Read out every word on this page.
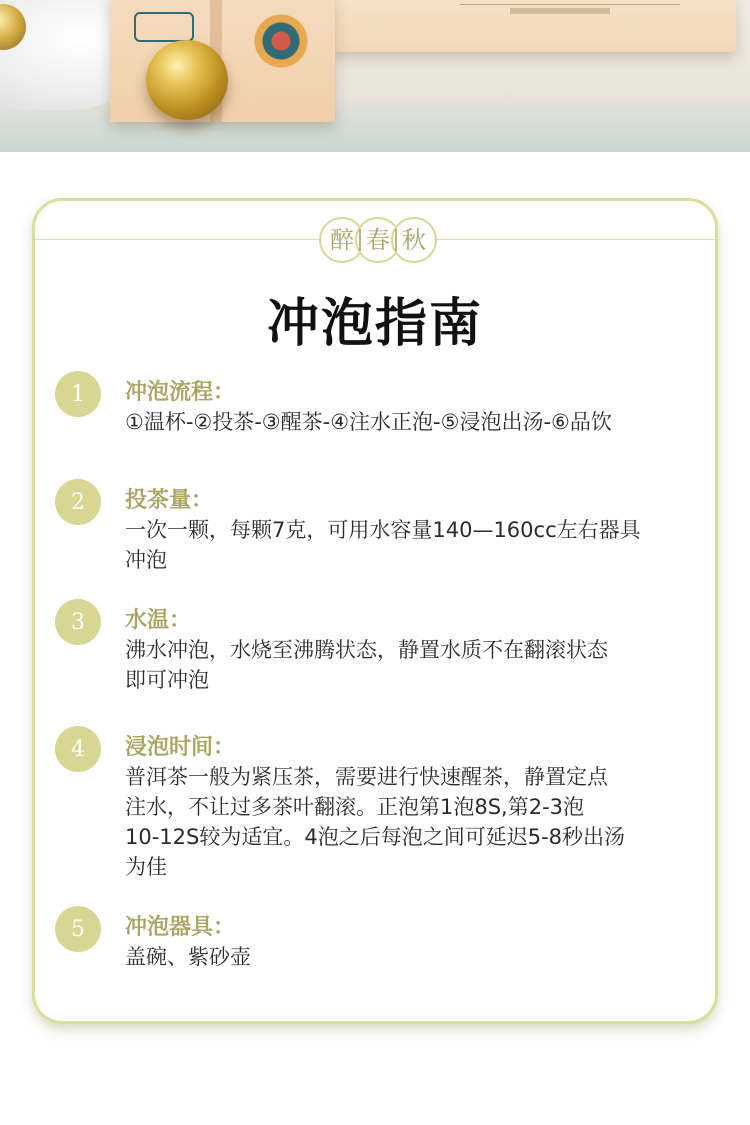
醉 春 秋
冲泡指南
1	冲泡流程：
①温杯-②投茶-③醒茶-④注水正泡-⑤浸泡出汤-⑥品饮
2	投茶量：
一次一颗，每颗7克，可用水容量140—160cc左右器具
冲泡
3	水温：
沸水冲泡，水烧至沸腾状态，静置水质不在翻滚状态
即可冲泡
4	浸泡时间：
普洱茶一般为紧压茶，需要进行快速醒茶，静置定点
注水，不让过多茶叶翻滚。正泡第1泡8S,第2-3泡
10-12S较为适宜。4泡之后每泡之间可延迟5-8秒出汤
为佳
5	冲泡器具：
盖碗、紫砂壶
